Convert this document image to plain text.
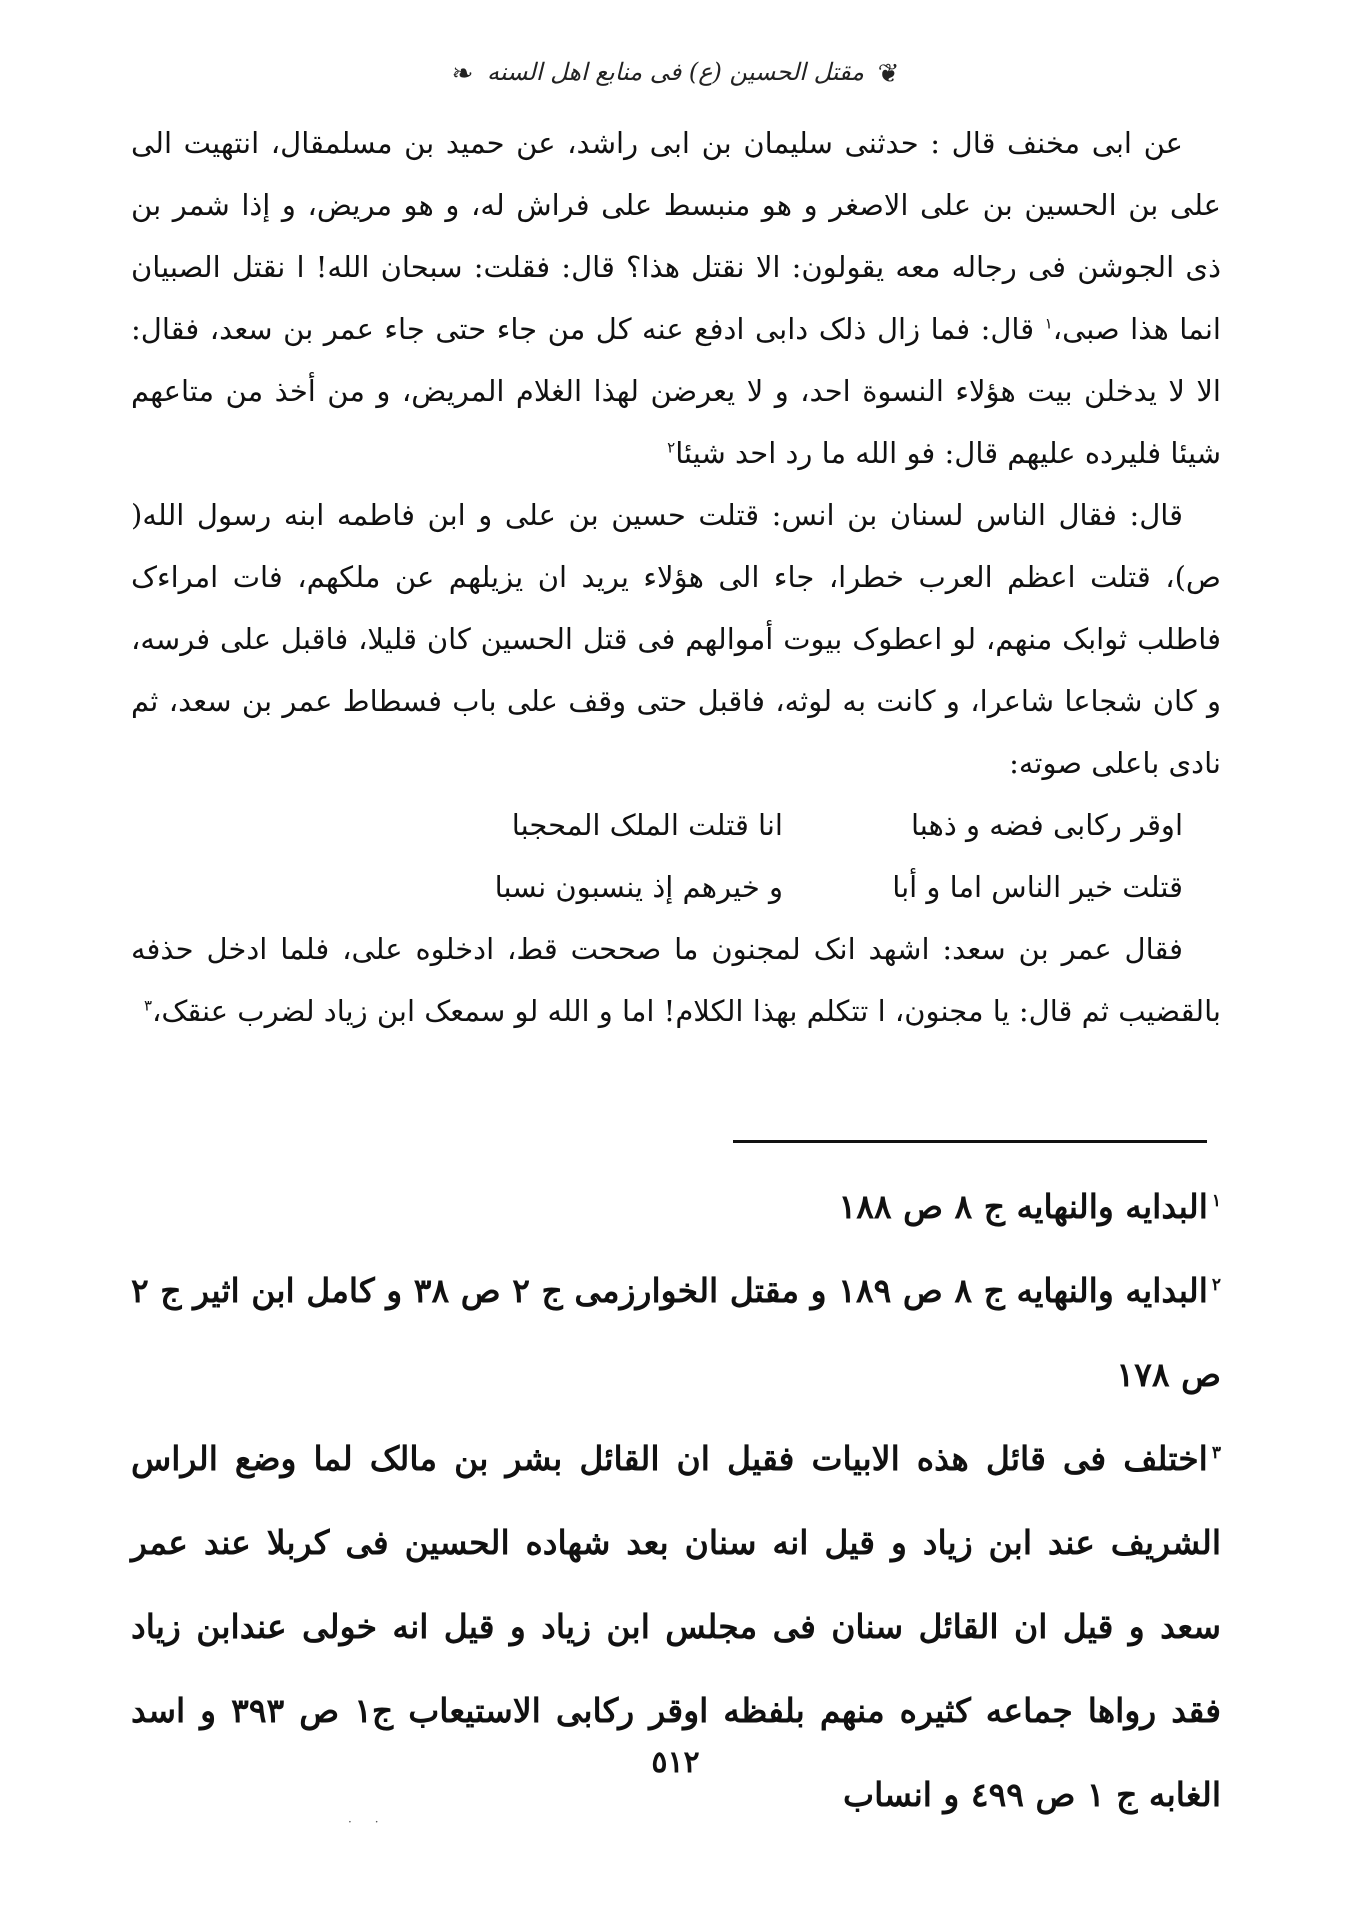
❦ مقتل الحسین (ع) فی منابع اهل السنه ❧

عن ابی مخنف قال : حدثنی سلیمان بن ابی راشد، عن حمید بن مسلمقال، انتهیت الی علی بن الحسین بن علی الاصغر و هو منبسط علی فراش له، و هو مریض، و إذا شمر بن ذی الجوشن فی رجاله معه یقولون: الا نقتل هذا؟ قال: فقلت: سبحان الله! ا نقتل الصبیان انما هذا صبی،$^١$ قال: فما زال ذلک دابی ادفع عنه کل من جاء حتی جاء عمر بن سعد، فقال: الا لا یدخلن بیت هؤلاء النسوة احد، و لا یعرضن لهذا الغلام المریض، و من أخذ من متاعهم شیئا فلیرده علیهم قال: فو الله ما رد احد شیئا$^٢$

قال: فقال الناس لسنان بن انس: قتلت حسین بن علی و ابن فاطمه ابنه رسول الله( ص)، قتلت اعظم العرب خطرا، جاء الی هؤلاء یرید ان یزیلهم عن ملکهم، فات امراءک فاطلب ثوابک منهم، لو اعطوک بیوت أموالهم فی قتل الحسین کان قلیلا، فاقبل علی فرسه، و کان شجاعا شاعرا، و کانت به لوثه، فاقبل حتی وقف علی باب فسطاط عمر بن سعد، ثم نادی باعلی صوته:

اوقر رکابی فضه و ذهبا
انا قتلت الملک المحجبا
قتلت خیر الناس اما و أبا
و خیرهم إذ ینسبون نسبا

فقال عمر بن سعد: اشهد انک لمجنون ما صححت قط، ادخلوه علی، فلما ادخل حذفه بالقضیب ثم قال: یا مجنون، ا تتکلم بهذا الکلام! اما و الله لو سمعک ابن زیاد لضرب عنقک،$^٣$

$^١$البدایه والنهایه ج ٨ ص ١٨٨

$^٢$البدایه والنهایه ج ٨ ص ١٨٩ و مقتل الخوارزمی ج ٢ ص ٣٨ و کامل ابن اثیر ج ٢ ص ١٧٨

$^٣$اختلف فی قائل هذه الابیات فقیل ان القائل بشر بن مالک لما وضع الراس الشریف عند ابن زیاد و قیل انه سنان بعد شهاده الحسین فی کربلا عند عمر سعد و قیل ان القائل سنان فی مجلس ابن زیاد و قیل انه خولی عندابن زیاد فقد رواها جماعه کثیره منهم بلفظه اوقر رکابی الاستیعاب ج١ ص ٣٩٣ و اسد الغابه ج ١ ص ٤٩٩ و انساب

٥١٢
·      ·
